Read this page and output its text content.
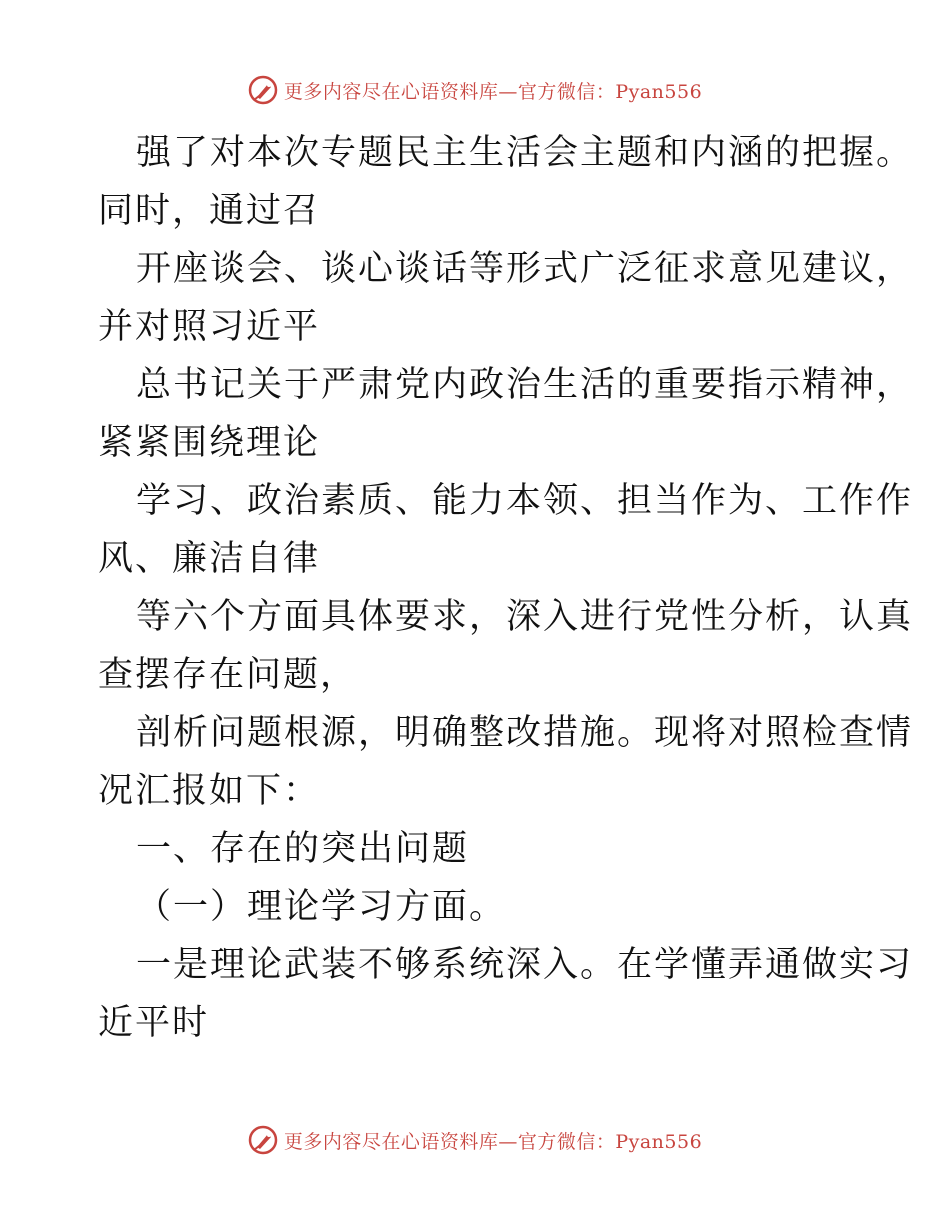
更多内容尽在心语资料库—官方微信：Pyan556
强了对本次专题民主生活会主题和内涵的把握。
同时，通过召
开座谈会、谈心谈话等形式广泛征求意见建议，
并对照习近平
总书记关于严肃党内政治生活的重要指示精神，
紧紧围绕理论
学习、政治素质、能力本领、担当作为、工作作
风、廉洁自律
等六个方面具体要求，深入进行党性分析，认真
查摆存在问题，
剖析问题根源，明确整改措施。现将对照检查情
况汇报如下：
一、存在的突出问题
（一）理论学习方面。
一是理论武装不够系统深入。在学懂弄通做实习
近平时
更多内容尽在心语资料库—官方微信：Pyan556
